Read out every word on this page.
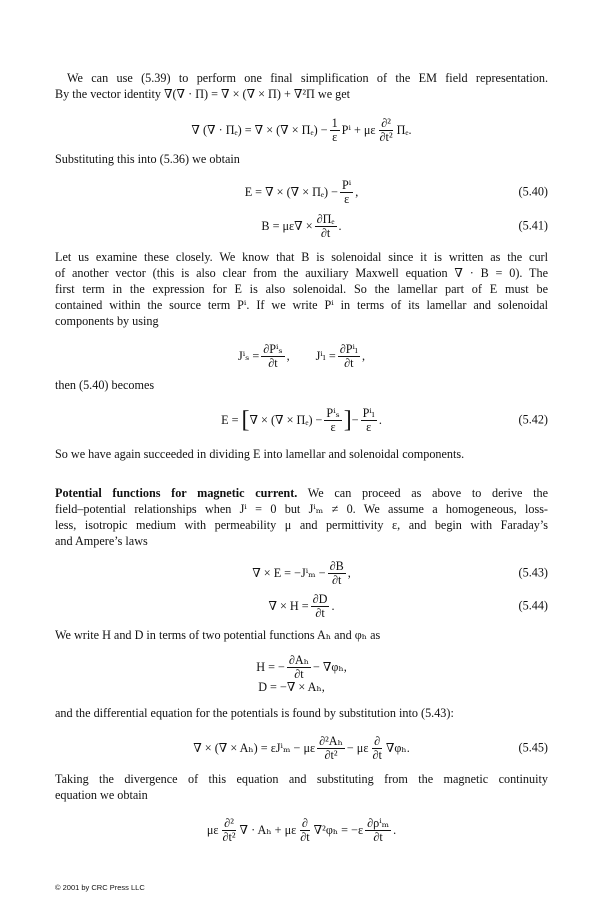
We can use (5.39) to perform one final simplification of the EM field representation.
By the vector identity ∇(∇ · Π) = ∇ × (∇ × Π) + ∇²Π we get
∇ (∇ · Πₑ) = ∇ × (∇ × $\Pi_e) - \frac{1}{\varepsilon}$ Pⁱ + με ∂²
∂t² Πₑ.
Substituting this into (5.36) we obtain
E = ∇ × (∇ × $\Pi_e) - \frac{\text{Pⁱ}}{\varepsilon}$ ,	(5.40)
$B = \mu\varepsilon\nabla \times \frac{\text{∂Πₑ}}{\partial t}$ .	(5.41)
Let us examine these closely. We know that B is solenoidal since it is written as the curl
of another vector (this is also clear from the auxiliary Maxwell equation ∇ · B = 0). The
first term in the expression for E is also solenoidal. So the lamellar part of E must be
contained within the source term Pⁱ. If we write Pⁱ in terms of its lamellar and solenoidal
components by using
Jⁱₛ = ∂Pⁱₛ
∂t , Jⁱₗ = ∂Pⁱₗ
∂t ,
then (5.40) becomes
E = [ ∇ × (∇ × Πₑ) − Pⁱₛ
ε ] − Pⁱₗ
ε .	(5.42)
So we have again succeeded in dividing E into lamellar and solenoidal components.
Potential functions for magnetic current. We can proceed as above to derive the
field–potential relationships when Jⁱ = 0 but Jⁱₘ ≠ 0. We assume a homogeneous, loss-
less, isotropic medium with permeability μ and permittivity ε, and begin with Faraday’s
and Ampere’s laws
∇ × $E = -J^i_m - \frac{\partial B}{\partial t}$ ,	(5.43)
∇ × $H = \frac{\partial D}{\partial t}$ .	(5.44)
We write H and D in terms of two potential functions Aₕ and φₕ as
H = − $\frac{\text{∂Aₕ}}{\partial t} - \nabla\varphi_h$,
D = −∇ × Aₕ,
and the differential equation for the potentials is found by substitution into (5.43):
∇ × (∇ × Aₕ) = εJⁱₘ − με $\frac{\text{∂²Aₕ}}{\text{∂t²}} - \mu\varepsilon$ ∂
∂t ∇φₕ.	(5.45)
Taking the divergence of this equation and substituting from the magnetic continuity
equation we obtain
με ∂²
∂t² ∇ · Aₕ + με ∂
∂t ∇²φₕ = −ε ∂ρⁱₘ
∂t .
© 2001 by CRC Press LLC
